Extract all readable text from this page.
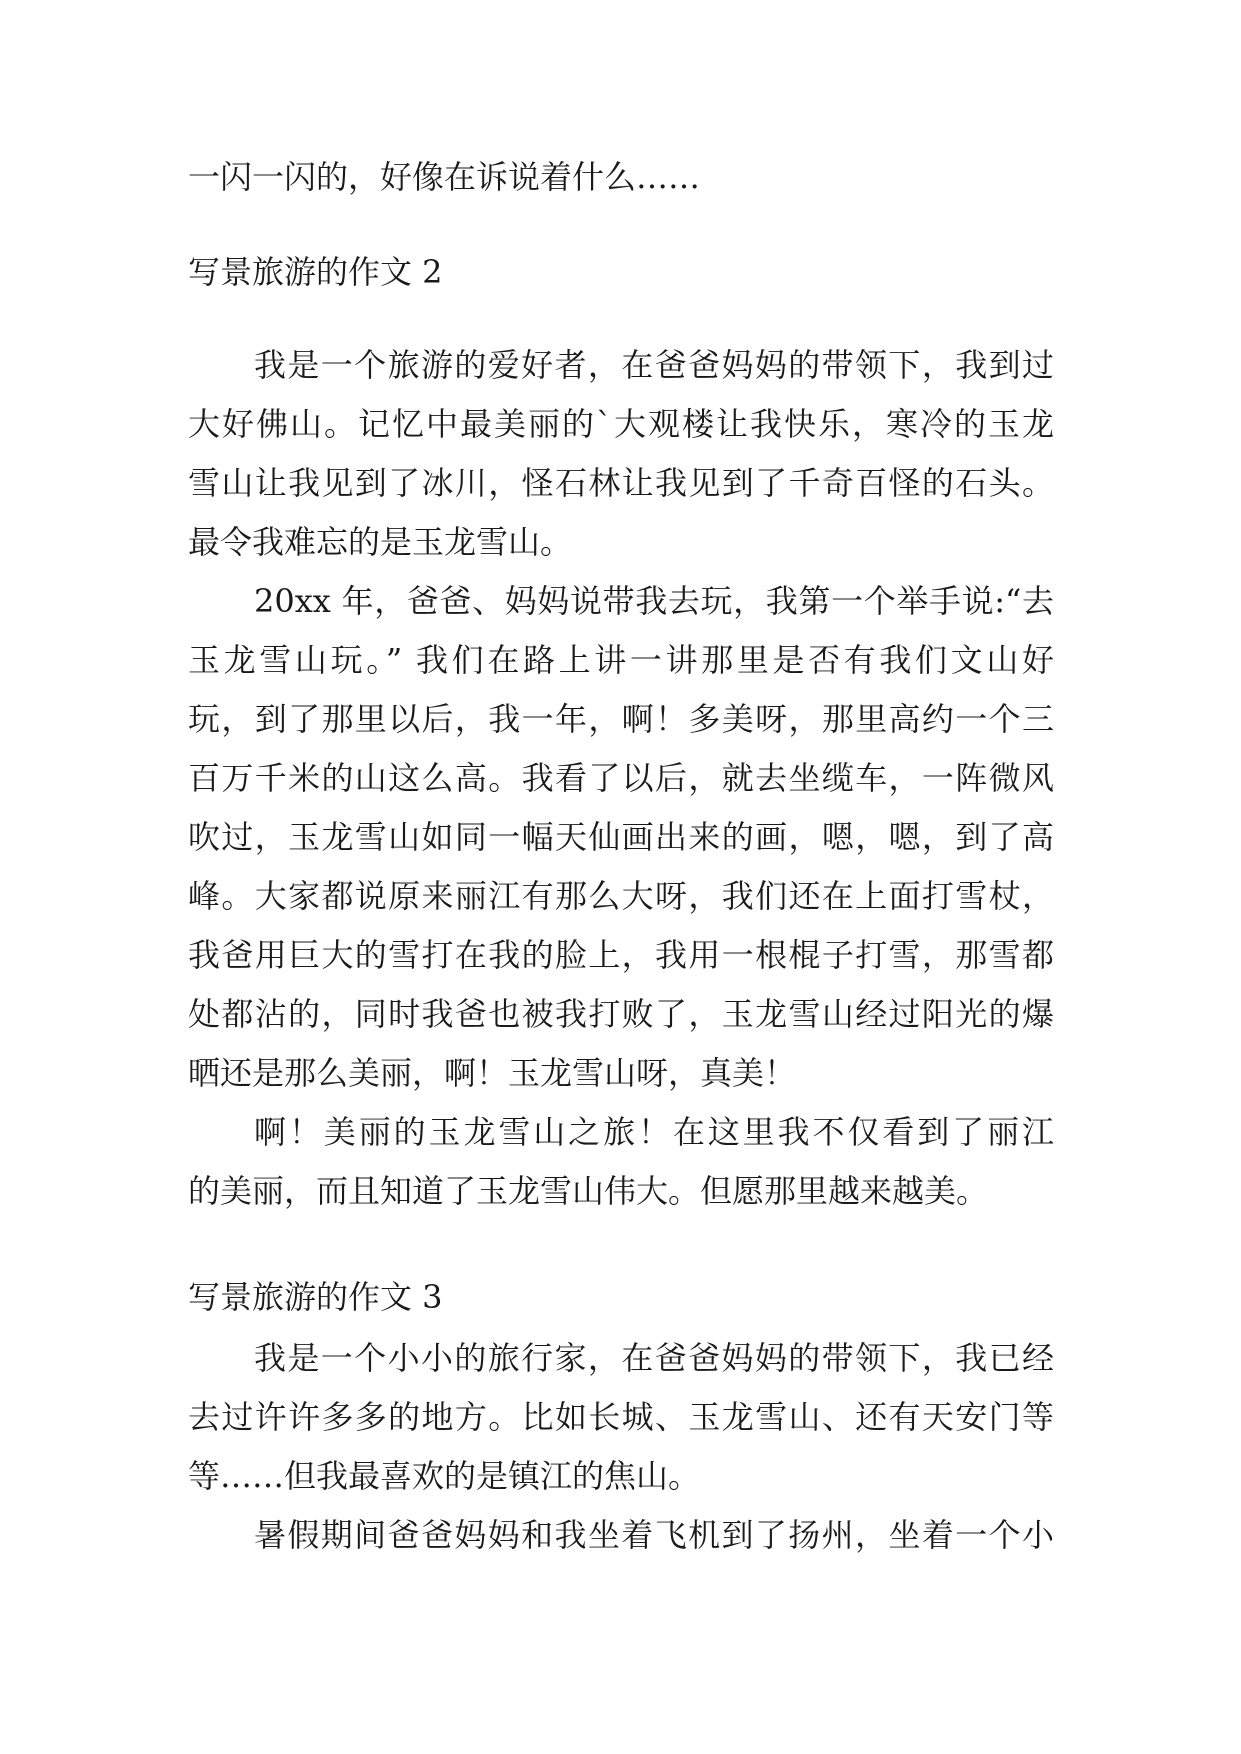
一闪一闪的，好像在诉说着什么……
写景旅游的作文 2
我是一个旅游的爱好者，在爸爸妈妈的带领下，我到过
大好佛山。记忆中最美丽的`大观楼让我快乐，寒冷的玉龙
雪山让我见到了冰川，怪石林让我见到了千奇百怪的石头。
最令我难忘的是玉龙雪山。
20xx 年，爸爸、妈妈说带我去玩，我第一个举手说:“去
玉龙雪山玩。” 我们在路上讲一讲那里是否有我们文山好
玩，到了那里以后，我一年，啊！多美呀，那里高约一个三
百万千米的山这么高。我看了以后，就去坐缆车，一阵微风
吹过，玉龙雪山如同一幅天仙画出来的画，嗯，嗯，到了高
峰。大家都说原来丽江有那么大呀，我们还在上面打雪杖，
我爸用巨大的雪打在我的脸上，我用一根棍子打雪，那雪都
处都沾的，同时我爸也被我打败了，玉龙雪山经过阳光的爆
晒还是那么美丽，啊！玉龙雪山呀，真美！
啊！美丽的玉龙雪山之旅！在这里我不仅看到了丽江
的美丽，而且知道了玉龙雪山伟大。但愿那里越来越美。
写景旅游的作文 3
我是一个小小的旅行家，在爸爸妈妈的带领下，我已经
去过许许多多的地方。比如长城、玉龙雪山、还有天安门等
等……但我最喜欢的是镇江的焦山。
暑假期间爸爸妈妈和我坐着飞机到了扬州，坐着一个小
